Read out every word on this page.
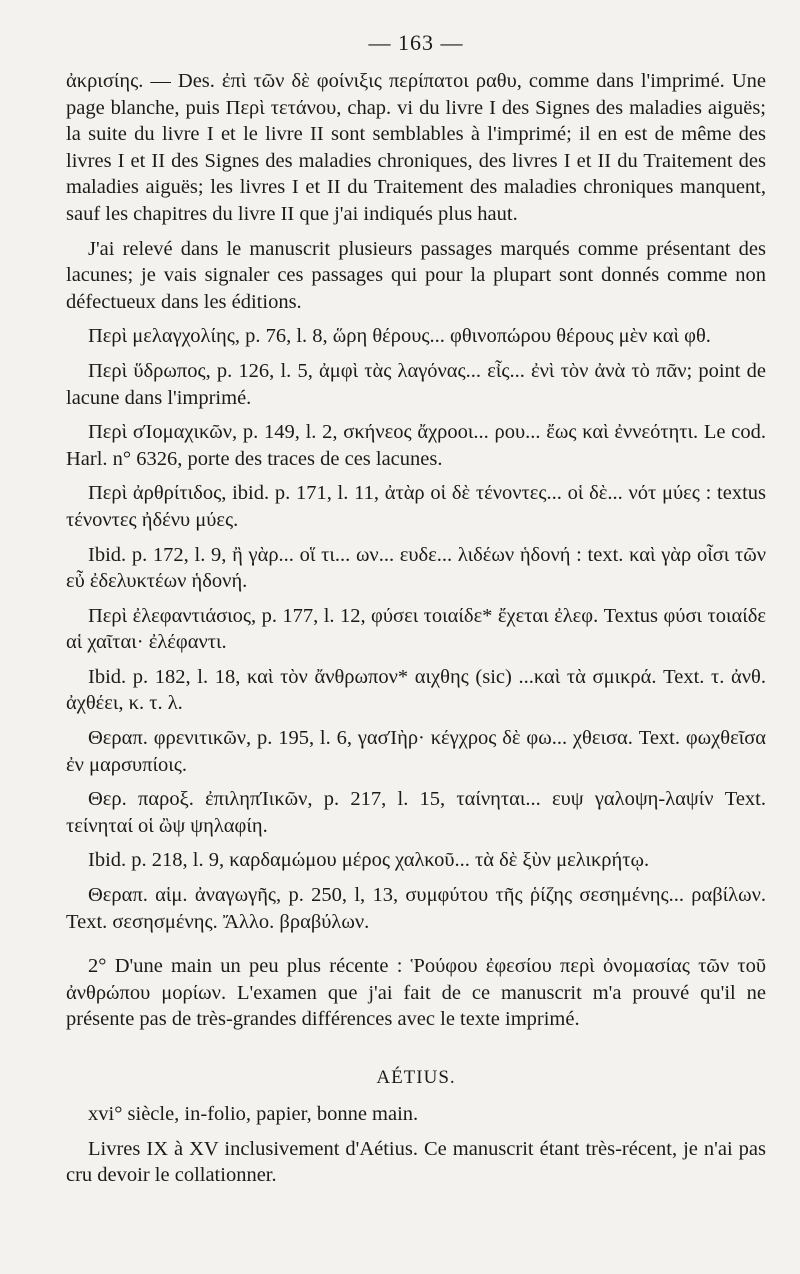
— 163 —

ἀκρισίης. — Des. ἐπὶ τῶν δὲ φοίνιξις περίπατοι ραθυ, comme dans l'imprimé. Une page blanche, puis Περὶ τετάνου, chap. vi du livre I des Signes des maladies aiguës; la suite du livre I et le livre II sont semblables à l'imprimé; il en est de même des livres I et II des Signes des maladies chroniques, des livres I et II du Traitement des maladies aiguës; les livres I et II du Traitement des maladies chroniques manquent, sauf les chapitres du livre II que j'ai indiqués plus haut.

J'ai relevé dans le manuscrit plusieurs passages marqués comme présentant des lacunes; je vais signaler ces passages qui pour la plupart sont donnés comme non défectueux dans les éditions.

Περὶ μελαγχολίης, p. 76, l. 8, ὥρη θέρους... φθινοπώρου θέρους μὲν καὶ φθ.

Περὶ ὕδρωπος, p. 126, l. 5, ἀμφὶ τὰς λαγόνας... εἶς... ἐνὶ τὸν ἀνὰ τὸ πᾶν; point de lacune dans l'imprimé.

Περὶ σΊομαχικῶν, p. 149, l. 2, σκήνεος ἄχροοι... ρου... ἔως καὶ ἐννεότητι. Le cod. Harl. n° 6326, porte des traces de ces lacunes.

Περὶ ἀρθρίτιδος, ibid. p. 171, l. 11, ἀτὰρ οἱ δὲ τένοντες... οἱ δὲ... νότ μύες : textus τένοντες ἠδένυ μύες.

Ibid. p. 172, l. 9, ἢ γὰρ... οἵ τι... ων... ευδε... λιδέων ἡδονή : text. καὶ γὰρ οἶσι τῶν εὖ ἐδελυκτέων ἡδονή.

Περὶ ἐλεφαντιάσιος, p. 177, l. 12, φύσει τοιαίδε* ἔχεται ἐλεφ. Textus φύσι τοιαίδε αἱ χαῖται· ἐλέφαντι.

Ibid. p. 182, l. 18, καὶ τὸν ἄνθρωπον* αιχθης (sic) ...καὶ τὰ σμικρά. Text. τ. ἀνθ. ἀχθέει, κ. τ. λ.

Θεραπ. φρενιτικῶν, p. 195, l. 6, γασΊὴρ· κέγχρος δὲ φω... χθεισα. Text. φωχθεῖσα ἐν μαρσυπίοις.

Θερ. παροξ. ἐπιληπΊικῶν, p. 217, l. 15, ταίνηται... ευψ γαλοψη-λαψίν Text. τείνηταί οἱ ὢψ ψηλαφίη.

Ibid. p. 218, l. 9, καρδαμώμου μέρος χαλκοῦ... τὰ δὲ ξὺν μελικρήτῳ.

Θεραπ. αἱμ. ἀναγωγῆς, p. 250, l, 13, συμφύτου τῆς ῥίζης σεσημένης... ραβίλων. Text. σεσησμένης. Ἄλλο. βραβύλων.

2° D'une main un peu plus récente : Ῥούφου ἐφεσίου περὶ ὀνομασίας τῶν τοῦ ἀνθρώπου μορίων. L'examen que j'ai fait de ce manuscrit m'a prouvé qu'il ne présente pas de très-grandes différences avec le texte imprimé.

AÉTIUS.

xvi° siècle, in-folio, papier, bonne main.

Livres IX à XV inclusivement d'Aétius. Ce manuscrit étant très-récent, je n'ai pas cru devoir le collationner.
